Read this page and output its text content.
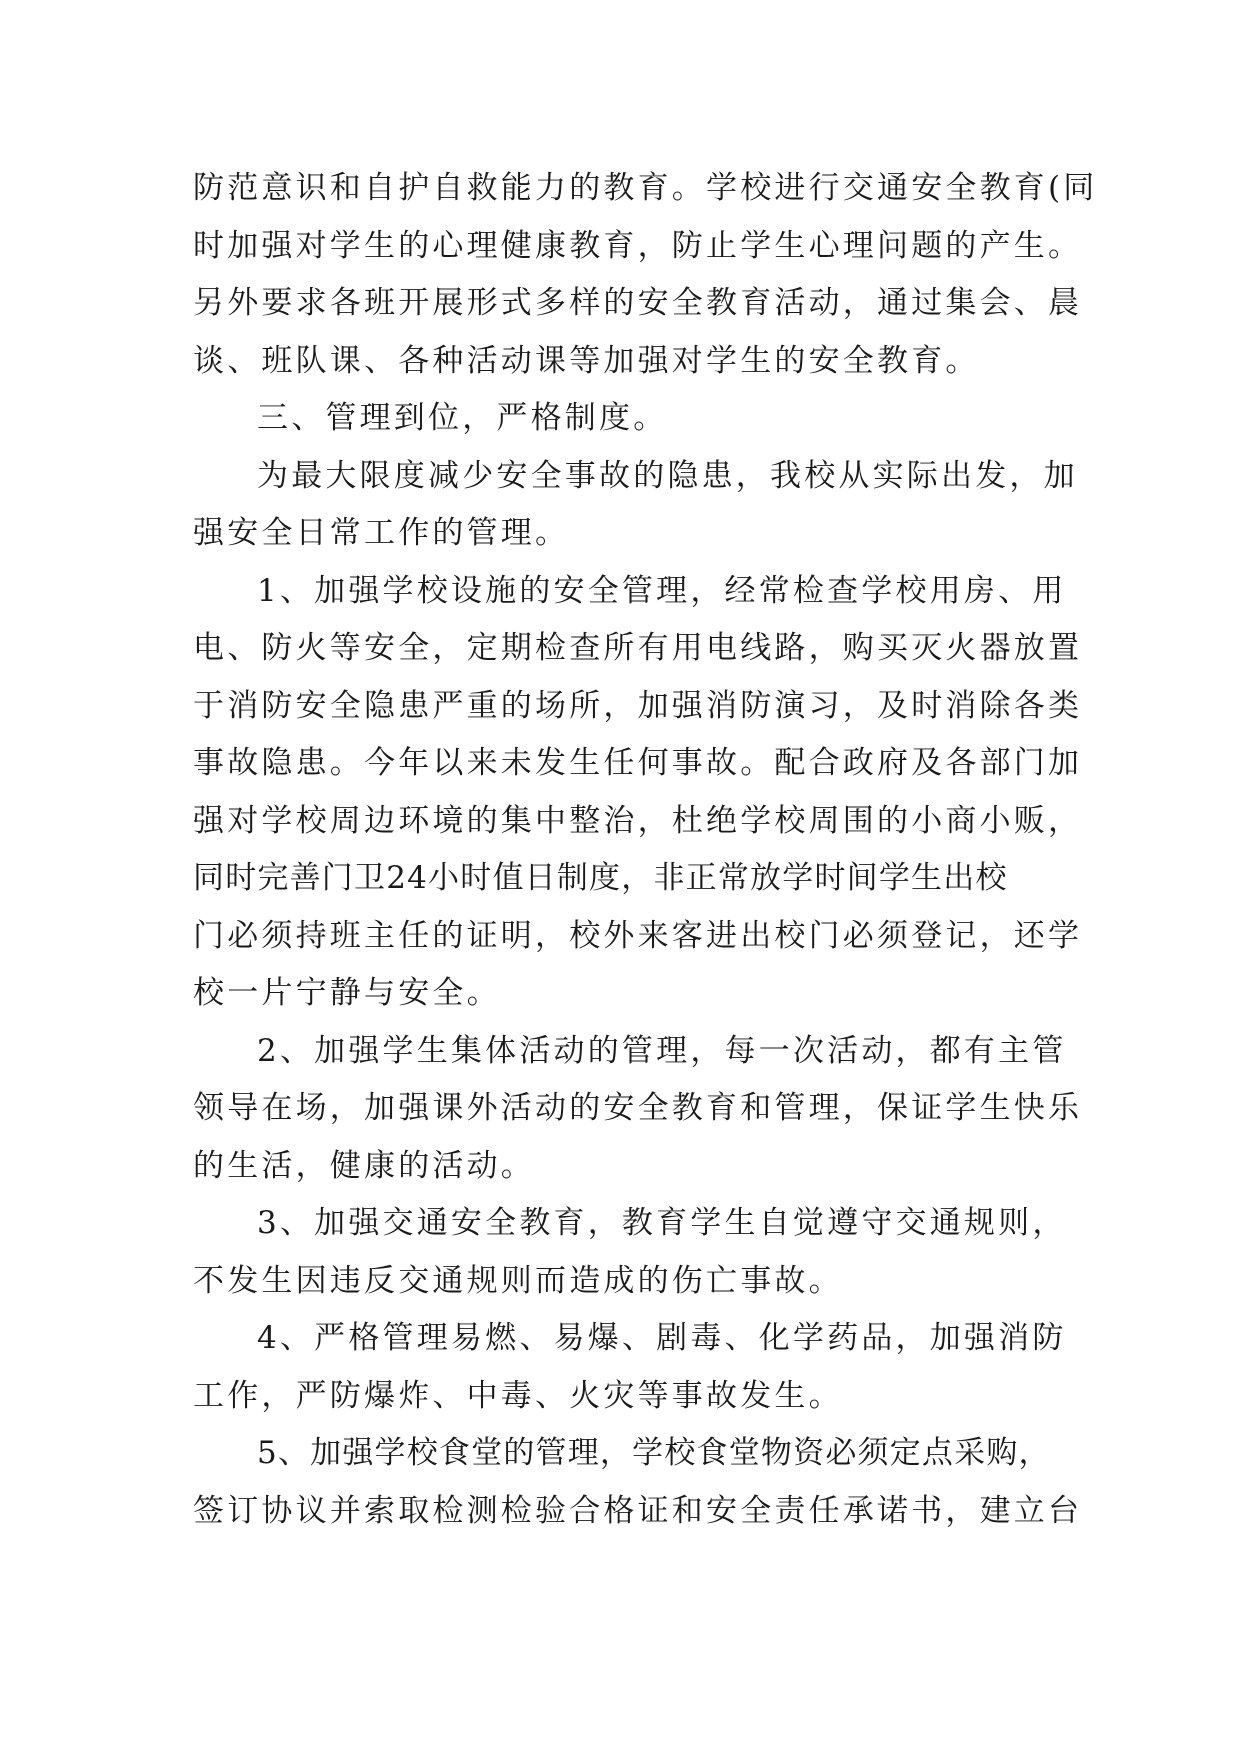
防范意识和自护自救能力的教育。学校进行交通安全教育(同
时加强对学生的心理健康教育，防止学生心理问题的产生。
另外要求各班开展形式多样的安全教育活动，通过集会、晨
谈、班队课、各种活动课等加强对学生的安全教育。
三、管理到位，严格制度。
为最大限度减少安全事故的隐患，我校从实际出发，加
强安全日常工作的管理。
1、加强学校设施的安全管理，经常检查学校用房、用
电、防火等安全，定期检查所有用电线路，购买灭火器放置
于消防安全隐患严重的场所，加强消防演习，及时消除各类
事故隐患。今年以来未发生任何事故。配合政府及各部门加
强对学校周边环境的集中整治，杜绝学校周围的小商小贩，
同时完善门卫24小时值日制度，非正常放学时间学生出校
门必须持班主任的证明，校外来客进出校门必须登记，还学
校一片宁静与安全。
2、加强学生集体活动的管理，每一次活动，都有主管
领导在场，加强课外活动的安全教育和管理，保证学生快乐
的生活，健康的活动。
3、加强交通安全教育，教育学生自觉遵守交通规则，
不发生因违反交通规则而造成的伤亡事故。
4、严格管理易燃、易爆、剧毒、化学药品，加强消防
工作，严防爆炸、中毒、火灾等事故发生。
5、加强学校食堂的管理，学校食堂物资必须定点采购，
签订协议并索取检测检验合格证和安全责任承诺书，建立台
